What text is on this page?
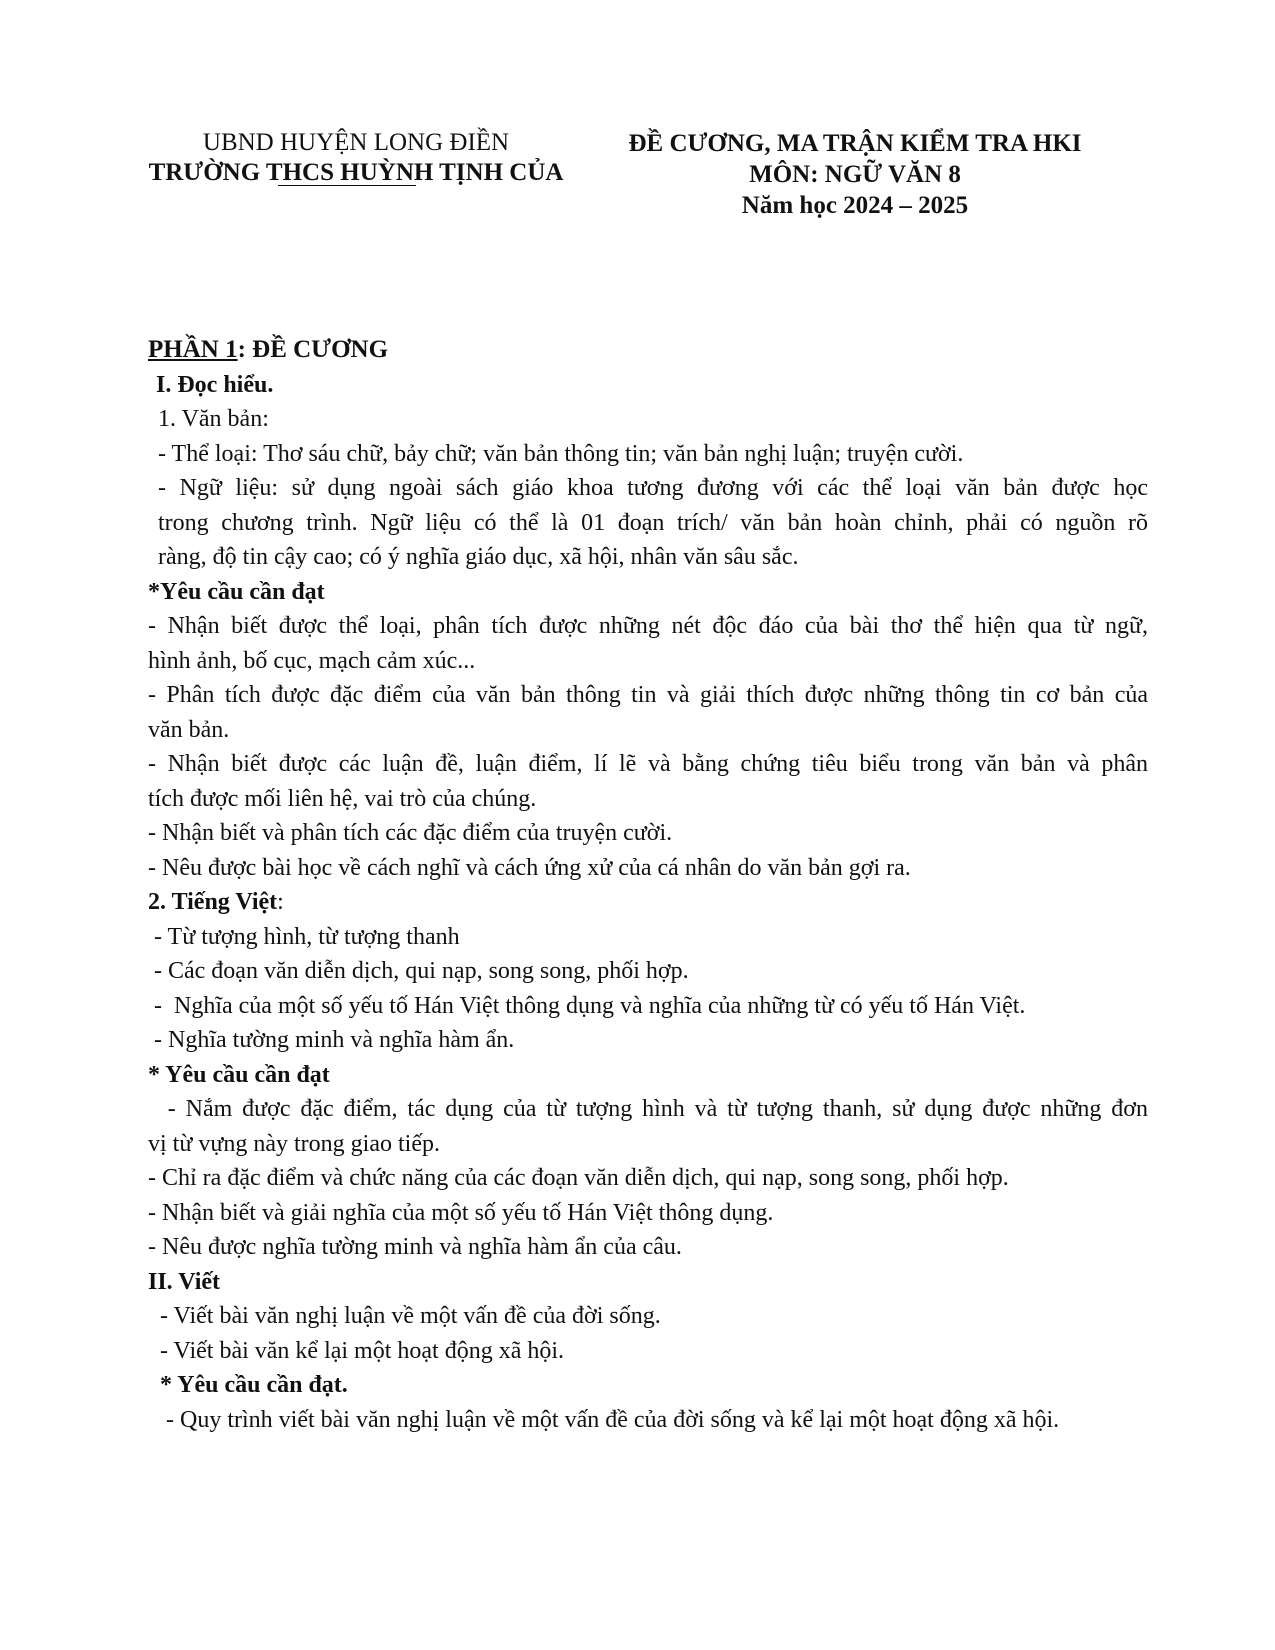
UBND HUYỆN LONG ĐIỀN
TRƯỜNG THCS HUỲNH TỊNH CỦA
ĐỀ CƯƠNG, MA TRẬN KIỂM TRA HKI
MÔN: NGỮ VĂN 8
Năm học 2024 – 2025

PHẦN 1: ĐỀ CƯƠNG

I. Đọc hiểu.

1. Văn bản:

- Thể loại: Thơ sáu chữ, bảy chữ; văn bản thông tin; văn bản nghị luận; truyện cười.

- Ngữ liệu: sử dụng ngoài sách giáo khoa tương đương với các thể loại văn bản được học

trong chương trình. Ngữ liệu có thể là 01 đoạn trích/ văn bản hoàn chỉnh, phải có nguồn rõ

ràng, độ tin cậy cao; có ý nghĩa giáo dục, xã hội, nhân văn sâu sắc.

*Yêu cầu cần đạt

- Nhận biết được thể loại, phân tích được những nét độc đáo của bài thơ thể hiện qua từ ngữ,

hình ảnh, bố cục, mạch cảm xúc...

- Phân tích được đặc điểm của văn bản thông tin và giải thích được những thông tin cơ bản của

văn bản.

- Nhận biết được các luận đề, luận điểm, lí lẽ và bằng chứng tiêu biểu trong văn bản và phân

tích được mối liên hệ, vai trò của chúng.

- Nhận biết và phân tích các đặc điểm của truyện cười.

- Nêu được bài học về cách nghĩ và cách ứng xử của cá nhân do văn bản gợi ra.

2. Tiếng Việt:

- Từ tượng hình, từ tượng thanh

- Các đoạn văn diễn dịch, qui nạp, song song, phối hợp.

-  Nghĩa của một số yếu tố Hán Việt thông dụng và nghĩa của những từ có yếu tố Hán Việt.

- Nghĩa tường minh và nghĩa hàm ẩn.

* Yêu cầu cần đạt

- Nắm được đặc điểm, tác dụng của từ tượng hình và từ tượng thanh, sử dụng được những đơn

vị từ vựng này trong giao tiếp.

- Chỉ ra đặc điểm và chức năng của các đoạn văn diễn dịch, qui nạp, song song, phối hợp.

- Nhận biết và giải nghĩa của một số yếu tố Hán Việt thông dụng.

- Nêu được nghĩa tường minh và nghĩa hàm ẩn của câu.

II. Viết

- Viết bài văn nghị luận về một vấn đề của đời sống.

- Viết bài văn kể lại một hoạt động xã hội.

* Yêu cầu cần đạt.

- Quy trình viết bài văn nghị luận về một vấn đề của đời sống và kể lại một hoạt động xã hội.
